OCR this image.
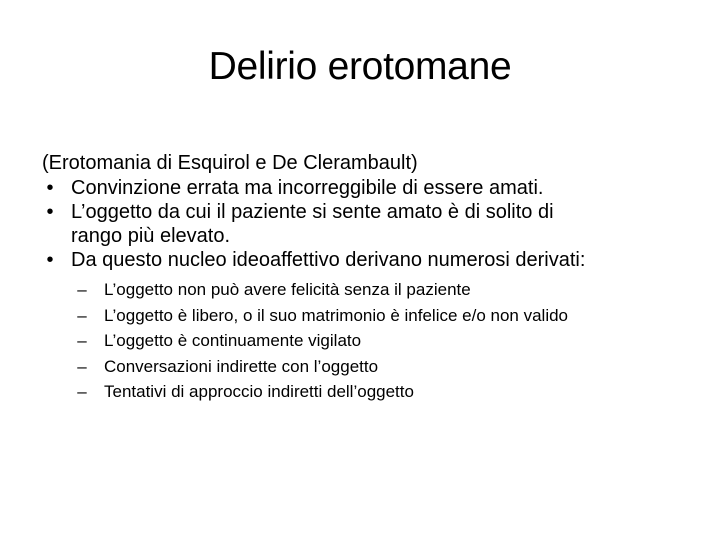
Delirio erotomane
(Erotomania di Esquirol e De Clerambault)
• Convinzione errata ma incorreggibile di essere amati.
• L’oggetto da cui il paziente si sente amato è di solito di
rango più elevato.
• Da questo nucleo ideoaffettivo derivano numerosi derivati:
–	L’oggetto non può avere felicità senza il paziente
–	L’oggetto è libero, o il suo matrimonio è infelice e/o non valido
–	L’oggetto è continuamente vigilato
–	Conversazioni indirette con l’oggetto
–	Tentativi di approccio indiretti dell’oggetto
